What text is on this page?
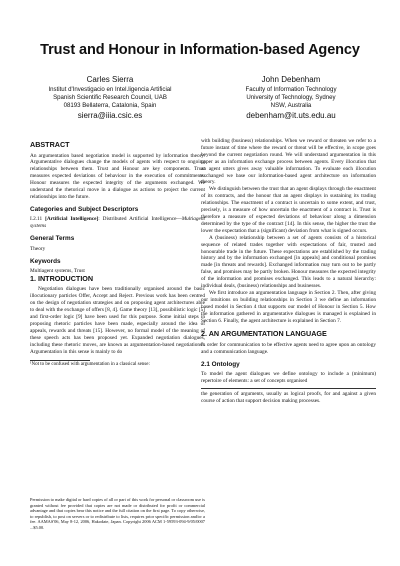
Trust and Honour in Information-based Agency
Carles Sierra
Institut d'Investigacio en Intel.ligencia Artificial
Spanish Scientific Research Council, UAB
08193 Bellaterra, Catalonia, Spain
sierra@iiia.csic.es
John Debenham
Faculty of Information Technology
University of Technology, Sydney
NSW, Australia
debenham@it.uts.edu.au
ABSTRACT

An argumentation based negotiation model is supported by information theory. Argumentative dialogues change the models of agents with respect to ongoing relationships between them. Trust and Honour are key components. Trust measures expected deviations of behaviour in the execution of commitments. Honour measures the expected integrity of the arguments exchanged. We understand the rhetorical move in a dialogue as actions to project the current relationships into the future.

Categories and Subject Descriptors

I.2.11 [Artificial Intelligence]: Distributed Artificial Intelligence—Multiagent systems

General Terms

Theory

Keywords

Multiagent systems, Trust

1. INTRODUCTION

Negotiation dialogues have been traditionally organised around the basic illocutionary particles Offer, Accept and Reject. Previous work has been centred on the design of negotiation strategies and on proposing agent architectures able to deal with the exchange of offers [8, 4]. Game theory [13], possibilistic logic [5] and first-order logic [9] have been used for this purpose. Some initial steps in proposing rhetoric particles have been made, especially around the idea of appeals, rewards and threats [15]. However, no formal model of the meaning of these speech acts has been proposed yet. Expanded negotiation dialogues, including these rhetoric moves, are known as argumentation-based negotiations¹. Argumentation in this sense is mainly to do

¹Not to be confused with argumentation in a classical sense:
Permission to make digital or hard copies of all or part of this work for personal or classroom use is granted without fee provided that copies are not made or distributed for profit or commercial advantage and that copies bear this notice and the full citation on the first page. To copy otherwise, to republish, to post on servers or to redistribute to lists, requires prior specific permission and/or a fee. AAMAS'06, May 8-12, 2006, Hakodate, Japan. Copyright 2006 ACM 1-59593-094-9/05/0007 ...$5.00.

with building (business) relationships. When we reward or threaten we refer to a future instant of time where the reward or threat will be effective, in scope goes beyond the current negotiation round. We will understand argumentation in this paper as an information exchange process between agents. Every illocution that an agent utters gives away valuable information. To evaluate each illocution exchanged we base our information-based agent architecture on information theory.

We distinguish between the trust that an agent displays through the enactment of its contracts, and the honour that an agent displays in sustaining its trading relationships. The enactment of a contract is uncertain to some extent, and trust, precisely, is a measure of how uncertain the enactment of a contract is. Trust is therefore a measure of expected deviations of behaviour along a dimension determined by the type of the contract [14]. In this sense, the higher the trust the lower the expectation that a (significant) deviation from what is signed occurs.

A (business) relationship between a set of agents consists of a historical sequence of related trades together with expectations of fair, trusted and honourable trade in the future. These expectations are established by the trading history and by the information exchanged [in appeals] and conditional promises made [in threats and rewards]. Exchanged information may turn out to be partly false, and promises may be partly broken. Honour measures the expected integrity of the information and promises exchanged. This leads to a natural hierarchy: individual deals, (business) relationships and businesses.

We first introduce an argumentation language in Section 2. Then, after giving our intuitions on building relationships in Section 3 we define an information based model in Section 4 that supports our model of Honour in Section 5. How the information gathered in argumentative dialogues is managed is explained in Section 6. Finally, the agent architecture is explained in Section 7.

2. AN ARGUMENTATION LANGUAGE

In order for communication to be effective agents need to agree upon an ontology and a communication language.

2.1 Ontology

To model the agent dialogues we define ontology to include a (minimum) repertoire of elements: a set of concepts organised

the generation of arguments, usually as logical proofs, for and against a given course of action that support decision making processes.
